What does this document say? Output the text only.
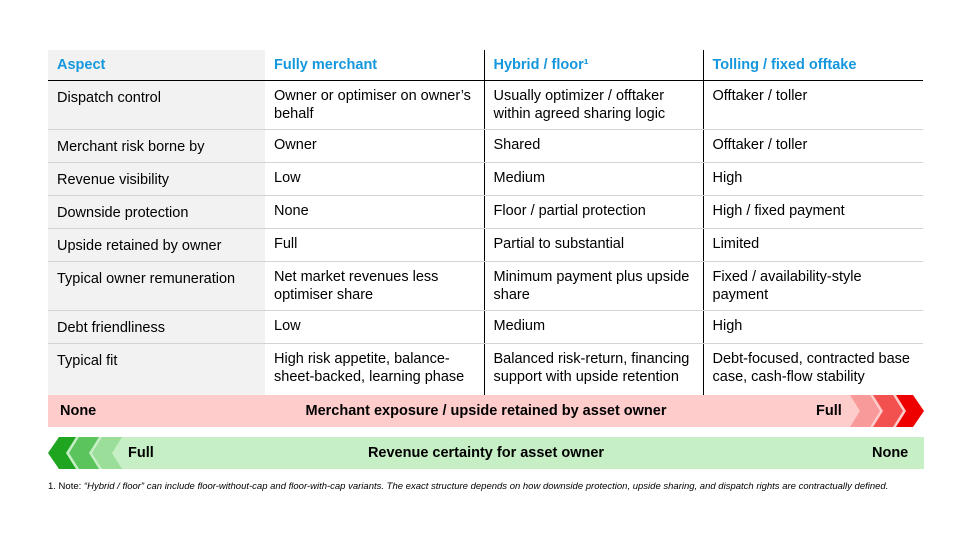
Aspect	Fully merchant	Hybrid / floor¹	Tolling / fixed offtake
Dispatch control	Owner or optimiser on owner’s behalf	Usually optimizer / offtaker within agreed sharing logic	Offtaker / toller
Merchant risk borne by	Owner	Shared	Offtaker / toller
Revenue visibility	Low	Medium	High
Downside protection	None	Floor / partial protection	High / fixed payment
Upside retained by owner	Full	Partial to substantial	Limited
Typical owner remuneration	Net market revenues less optimiser share	Minimum payment plus upside share	Fixed / availability-style payment
Debt friendliness	Low	Medium	High
Typical fit	High risk appetite, balance-sheet-backed, learning phase	Balanced risk-return, financing support with upside retention	Debt-focused, contracted base case, cash-flow stability
None	Merchant exposure / upside retained by asset owner	Full
Full	Revenue certainty for asset owner	None
1. Note: “Hybrid / floor” can include floor-without-cap and floor-with-cap variants. The exact structure depends on how downside protection, upside sharing, and dispatch rights are contractually defined.
